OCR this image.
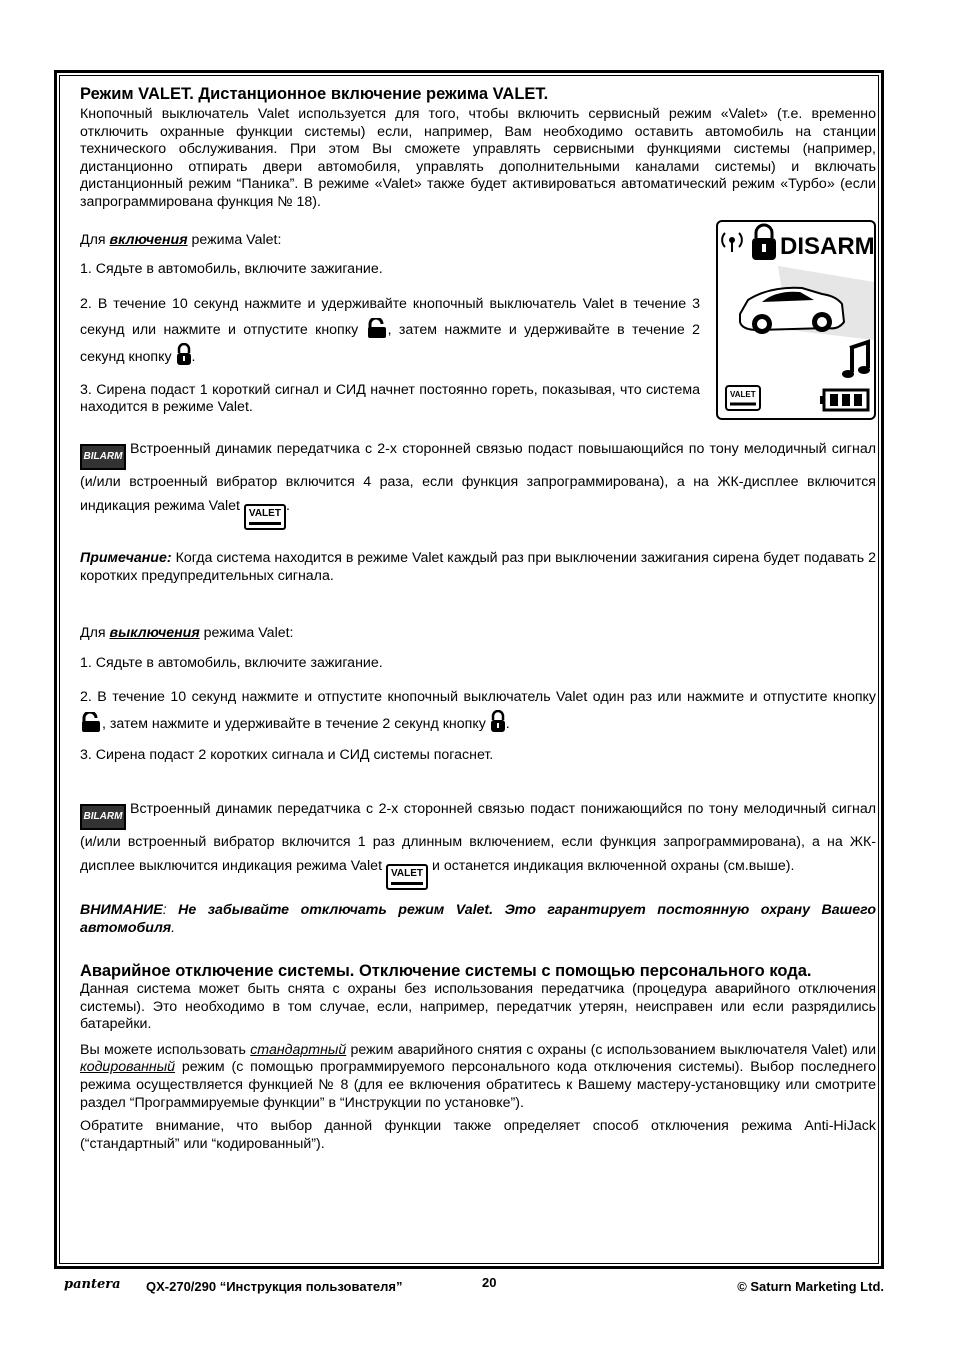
DISARM
VALET
Режим VALET. Дистанционное включение режима VALET.

Кнопочный выключатель Valet используется для того, чтобы включить сервисный режим «Valet» (т.е. временно отключить охранные функции системы) если, например, Вам необходимо оставить автомобиль на станции технического обслуживания. При этом Вы сможете управлять сервисными функциями системы (например, дистанционно отпирать двери автомобиля, управлять дополнительными каналами системы) и включать дистанционный режим “Паника”. В режиме «Valet» также будет активироваться автоматический режим «Турбо» (если запрограммирована функция № 18).

Для включения режима Valet:

1. Сядьте в автомобиль, включите зажигание.

2. В течение 10 секунд нажмите и удерживайте кнопочный выключатель Valet в течение 3 секунд или нажмите и отпустите кнопку , затем нажмите и удерживайте в течение 2 секунд кнопку .

3. Сирена подаст 1 короткий сигнал и СИД начнет постоянно гореть, показывая, что система находится в режиме Valet.

BILARM Встроенный динамик передатчика с 2-х сторонней связью подаст повышающийся по тону мелодичный сигнал (и/или встроенный вибратор включится 4 раза, если функция запрограммирована), а на ЖК-дисплее включится индикация режима Valet VALET .

Примечание: Когда система находится в режиме Valet каждый раз при выключении зажигания сирена будет подавать 2 коротких предупредительных сигнала.

Для выключения режима Valet:

1. Сядьте в автомобиль, включите зажигание.

2. В течение 10 секунд нажмите и отпустите кнопочный выключатель Valet один раз или нажмите и отпустите кнопку , затем нажмите и удерживайте в течение 2 секунд кнопку .

3. Сирена подаст 2 коротких сигнала и СИД системы погаснет.

BILARM Встроенный динамик передатчика с 2-х сторонней связью подаст понижающийся по тону мелодичный сигнал (и/или встроенный вибратор включится 1 раз длинным включением, если функция запрограммирована), а на ЖК-дисплее выключится индикация режима Valet VALET и останется индикация включенной охраны (см.выше).

ВНИМАНИЕ: Не забывайте отключать режим Valet. Это гарантирует постоянную охрану Вашего автомобиля.

Аварийное отключение системы. Отключение системы с помощью персонального кода.

Данная система может быть снята с охраны без использования передатчика (процедура аварийного отключения системы). Это необходимо в том случае, если, например, передатчик утерян, неисправен или если разрядились батарейки.

Вы можете использовать стандартный режим аварийного снятия с охраны (с использованием выключателя Valet) или кодированный режим (с помощью программируемого персонального кода отключения системы). Выбор последнего режима осуществляется функцией № 8 (для ее включения обратитесь к Вашему мастеру-установщику или смотрите раздел “Программируемые функции” в “Инструкции по установке”).

Обратите внимание, что выбор данной функции также определяет способ отключения режима Anti-HiJack (“стандартный” или “кодированный”).

pantera QX-270/290 “Инструкция пользователя”	20	© Saturn Marketing Ltd.
